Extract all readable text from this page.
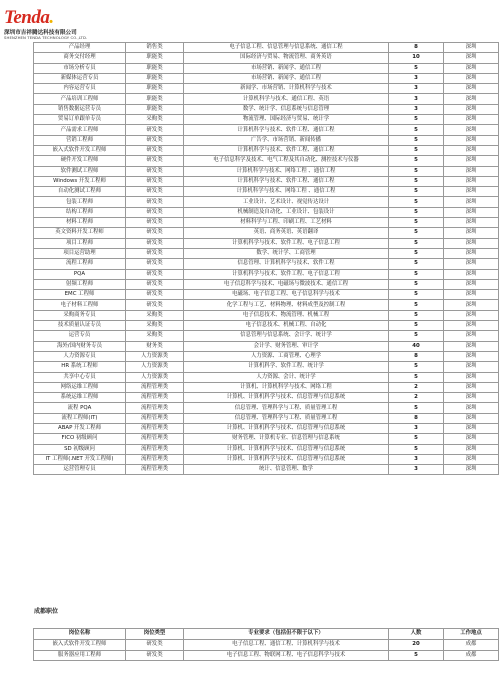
Tenda.
深圳市吉祥腾达科技有限公司
SHENZHEN TENDA TECHNOLOGY CO.,LTD.
产品经理	销售类	电子信息工程、信息管理与信息系统、通信工程	8	深圳
商务交付经理	职能类	国际经济与贸易、物流管理、商务英语	10	深圳
市场分析专员	职能类	市场营销、新闻学、通信工程	5	深圳
新媒体运营专员	职能类	市场营销、新闻学、通信工程	3	深圳
内容运营专员	职能类	新闻学、市场营销、计算机科学与技术	3	深圳
产品培训工程师	职能类	计算机科学与技术、通信工程、英语	3	深圳
销售数据运营专员	职能类	数学、统计学、信息系统与信息管理	3	深圳
贸易订单跟单专员	采购类	物流管理、国际经济与贸易、统计学	5	深圳
产品需求工程师	研发类	计算机科学与技术、软件工程、通信工程	5	深圳
营销工程师	研发类	广告学、市场营销、新闻传播	5	深圳
嵌入式软件开发工程师	研发类	计算机科学与技术、软件工程、通信工程	5	深圳
硬件开发工程师	研发类	电子信息科学及技术、电气工程及其自动化、测控技术与仪器	5	深圳
软件测试工程师	研发类	计算机科学与技术、网络工程 、通信工程	5	深圳
Windows 开发工程师	研发类	计算机科学与技术、软件工程、通信工程	5	深圳
自动化测试工程师	研发类	计算机科学与技术、网络工程 、通信工程	5	深圳
包装工程师	研发类	工业设计、艺术设计、视觉传达设计	5	深圳
结构工程师	研发类	机械制造及自动化、工业设计、包装设计	5	深圳
材料工程师	研发类	材料科学与工程、印刷工程、工艺材料	5	深圳
英文资料开发工程师	研发类	英语、商务英语、英语翻译	5	深圳
项目工程师	研发类	计算机科学与技术、软件工程、电子信息工程	5	深圳
项目运营助理	研发类	数学、统计学、工商管理	5	深圳
流程工程师	研发类	信息管理、计算机科学与技术、软件工程	5	深圳
PQA	研发类	计算机科学与技术、软件工程、电子信息工程	5	深圳
射频工程师	研发类	电子信息科学与技术、电磁场与微波技术、通信工程	5	深圳
EMC 工程师	研发类	电磁场、电子信息工程、电子信息科学与技术	5	深圳
电子材料工程师	研发类	化学工程与工艺、材料物理、材料成型及控制工程	5	深圳
采购商务专员	采购类	电子信息技术、物流管理、机械工程	5	深圳
技术质量认证专员	采购类	电子信息技术、机械工程、自动化	5	深圳
运营专员	采购类	信息管理与信息系统、会计学、统计学	5	深圳
海外/国内财务专员	财务类	会计学、财务管理、审计学	40	深圳
人力资源专员	人力资源类	人力资源、工商管理、心理学	8	深圳
HR 系统工程师	人力资源类	计算机科学、软件工程、统计学	5	深圳
共享中心专员	人力资源类	人力资源、会计、统计学	5	深圳
网络运维工程师	流程管理类	计算机、计算机科学与技术、网络工程	2	深圳
系统运维工程师	流程管理类	计算机、计算机科学与技术、信息管理与信息系统	2	深圳
流程 PQA	流程管理类	信息管理、管理科学与工程、质量管理工程	5	深圳
流程工程师(IT)	流程管理类	信息管理、管理科学与工程、质量管理工程	8	深圳
ABAP 开发工程师	流程管理类	计算机、计算机科学与技术、信息管理与信息系统	3	深圳
FICO 初级顾问	流程管理类	财务管理、计算机专业、信息管理与信息系统	5	深圳
SD 初级顾问	流程管理类	计算机、计算机科学与技术、信息管理与信息系统	5	深圳
IT 工程师(.NET 开发工程师)	流程管理类	计算机、计算机科学与技术、信息管理与信息系统	3	深圳
运营管理专员	流程管理类	统计、信息管理、数学	3	深圳
成都职位
岗位名称	岗位类型	专业要求（包括但不限于以下）	人数	工作地点
嵌入式软件开发工程师	研发类	电子信息工程、通信工程、计算机科学与技术	20	成都
服务器应用工程师	研发类	电子信息工程、物联网工程、电子信息科学与技术	5	成都
